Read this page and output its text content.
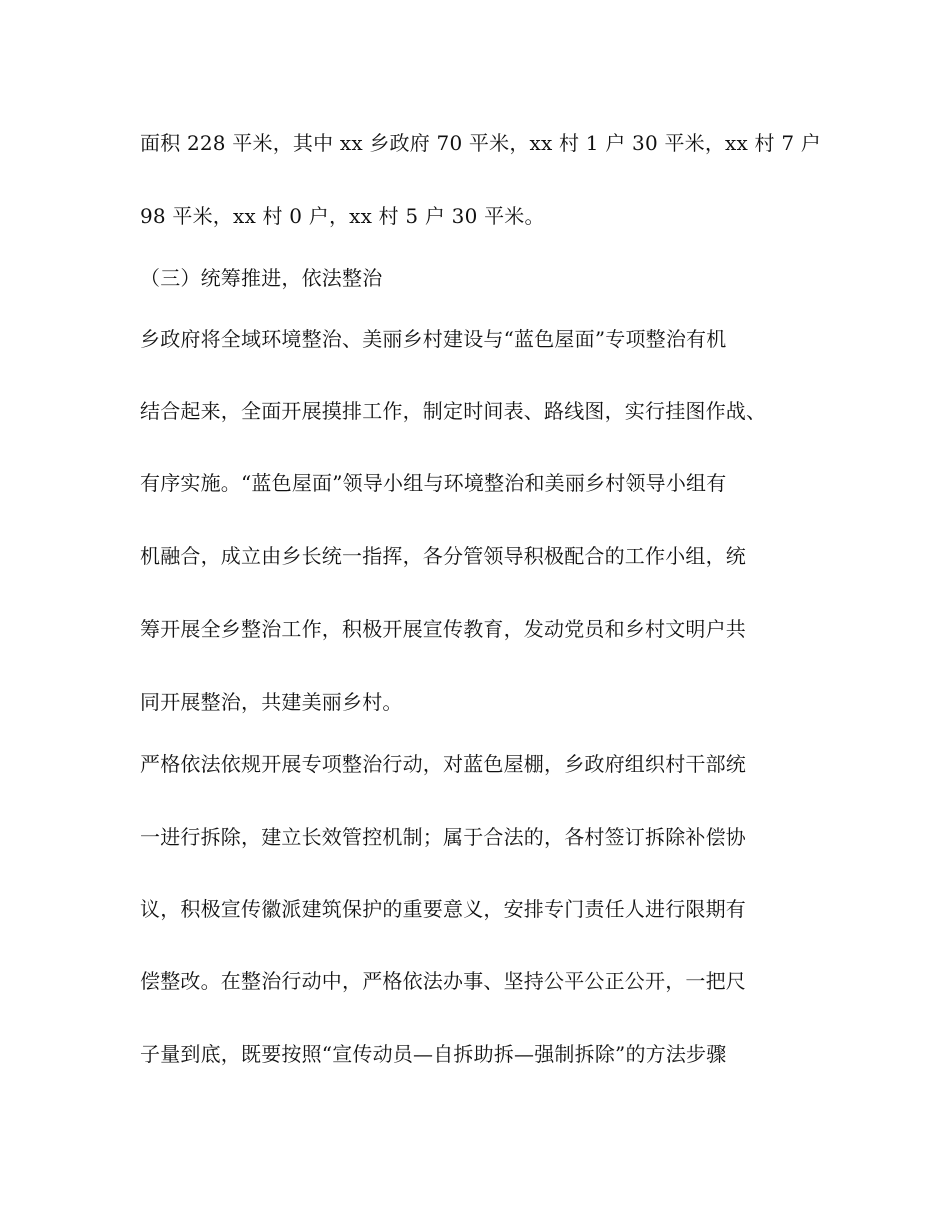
面积 228 平米，其中 xx 乡政府 70 平米，xx 村 1 户 30 平米，xx 村 7 户
98 平米，xx 村 0 户，xx 村 5 户 30 平米。
（三）统筹推进，依法整治
乡政府将全域环境整治、美丽乡村建设与“蓝色屋面”专项整治有机
结合起来，全面开展摸排工作，制定时间表、路线图，实行挂图作战、
有序实施。“蓝色屋面”领导小组与环境整治和美丽乡村领导小组有
机融合，成立由乡长统一指挥，各分管领导积极配合的工作小组，统
筹开展全乡整治工作，积极开展宣传教育，发动党员和乡村文明户共
同开展整治，共建美丽乡村。
严格依法依规开展专项整治行动，对蓝色屋棚，乡政府组织村干部统
一进行拆除，建立长效管控机制；属于合法的，各村签订拆除补偿协
议，积极宣传徽派建筑保护的重要意义，安排专门责任人进行限期有
偿整改。在整治行动中，严格依法办事、坚持公平公正公开，一把尺
子量到底，既要按照“宣传动员—自拆助拆—强制拆除”的方法步骤
